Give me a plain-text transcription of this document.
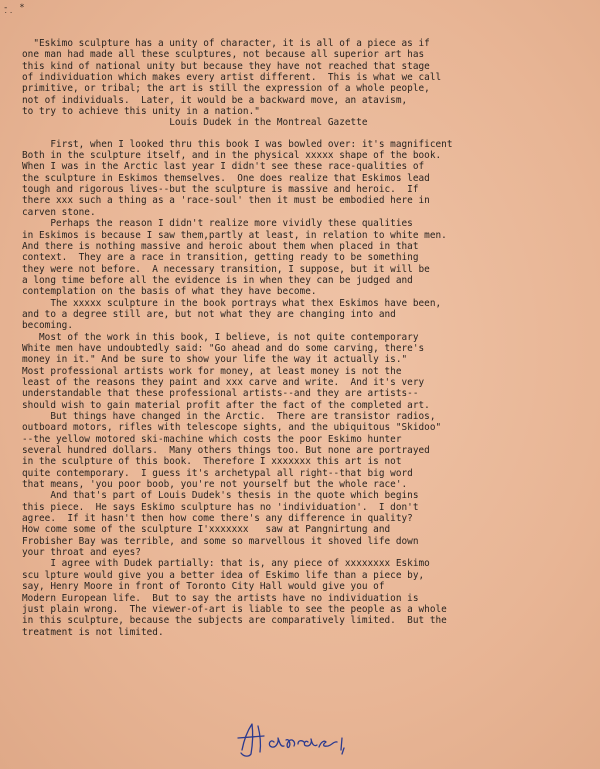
-  *
˙˙
"Eskimo sculpture has a unity of character, it is all of a piece as if
one man had made all these sculptures, not because all superior art has
this kind of national unity but because they have not reached that stage
of individuation which makes every artist different.  This is what we call
primitive, or tribal; the art is still the expression of a whole people,
not of individuals.  Later, it would be a backward move, an atavism,
to try to achieve this unity in a nation."
Louis Dudek in the Montreal Gazette
First, when I looked thru this book I was bowled over: it's magnificent
Both in the sculpture itself, and in the physical xxxxx shape of the book.
When I was in the Arctic last year I didn't see these race-qualities of
the sculpture in Eskimos themselves.  One does realize that Eskimos lead
tough and rigorous lives--but the sculpture is massive and heroic.  If
there xxx such a thing as a 'race-soul' then it must be embodied here in
carven stone.
Perhaps the reason I didn't realize more vividly these qualities
in Eskimos is because I saw them,partly at least, in relation to white men.
And there is nothing massive and heroic about them when placed in that
context.  They are a race in transition, getting ready to be something
they were not before.  A necessary transition, I suppose, but it will be
a long time before all the evidence is in when they can be judged and
contemplation on the basis of what they have become.
The xxxxx sculpture in the book portrays what thex Eskimos have been,
and to a degree still are, but not what they are changing into and
becoming.
Most of the work in this book, I believe, is not quite contemporary
White men have undoubtedly said: "Go ahead and do some carving, there's
money in it." And be sure to show your life the way it actually is."
Most professional artists work for money, at least money is not the
least of the reasons they paint and xxx carve and write.  And it's very
understandable that these professional artists--and they are artists--
should wish to gain material profit after the fact of the completed art.
But things have changed in the Arctic.  There are transistor radios,
outboard motors, rifles with telescope sights, and the ubiquitous "Skidoo"
--the yellow motored ski-machine which costs the poor Eskimo hunter
several hundred dollars.  Many others things too. But none are portrayed
in the sculpture of this book.  Therefore I xxxxxxx this art is not
quite contemporary.  I guess it's archetypal all right--that big word
that means, 'you poor boob, you're not yourself but the whole race'.
And that's part of Louis Dudek's thesis in the quote which begins
this piece.  He says Eskimo sculpture has no 'individuation'.  I don't
agree.  If it hasn't then how come there's any difference in quality?
How come some of the sculpture I'xxxxxxx   saw at Pangnirtung and
Frobisher Bay was terrible, and some so marvellous it shoved life down
your throat and eyes?
I agree with Dudek partially: that is, any piece of xxxxxxxx Eskimo
scu lpture would give you a better idea of Eskimo life than a piece by,
say, Henry Moore in front of Toronto City Hall would give you of
Modern European life.  But to say the artists have no individuation is
just plain wrong.  The viewer-of-art is liable to see the people as a whole
in this sculpture, because the subjects are comparatively limited.  But the
treatment is not limited.
